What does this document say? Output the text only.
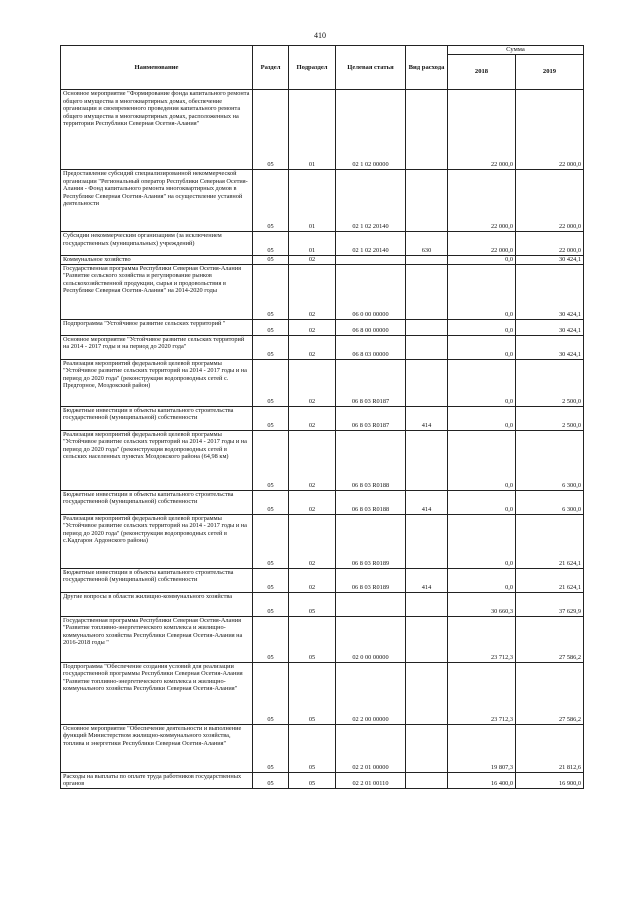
410
Наименование	Раздел	Подраздел	Целевая статья	Вид расхода	Сумма	
					2018	2019
Основное мероприятие "Формирование фонда капитального ремонта общего имущества в многоквартирных домах, обеспечение организации и своевременного проведения капитального ремонта общего имущества в многоквартирных домах, расположенных на территории Республики Северная Осетия-Алания"	05	01	02 1 02 00000		22 000,0	22 000,0
Предоставление субсидий специализированной некоммерческой организации "Региональный оператор Республики Северная Осетия-Алания - Фонд капитального ремонта многоквартирных домов в Республике Северная Осетия-Алания" на осуществление уставной деятельности	05	01	02 1 02 20140		22 000,0	22 000,0
Субсидии некоммерческим организациям (за исключением государственных (муниципальных) учреждений)	05	01	02 1 02 20140	630	22 000,0	22 000,0
Коммунальное хозяйство	05	02			0,0	30 424,1
Государственная программа Республики Северная Осетия-Алания "Развитие сельского хозяйства и регулирование рынков сельскохозяйственной продукции, сырья и продовольствия в Республике Северная Осетия-Алания" на 2014-2020 годы	05	02	06 0 00 00000		0,0	30 424,1
Подпрограмма "Устойчивое развитие сельских территорий "	05	02	06 8 00 00000		0,0	30 424,1
Основное мероприятие "Устойчивое развитие сельских территорий на 2014 - 2017 годы и на период до 2020 года"	05	02	06 8 03 00000		0,0	30 424,1
Реализация мероприятий федеральной целевой программы "Устойчивое развитие сельских территорий на 2014 - 2017 годы и на период до 2020 года" (реконструкция водопроводных сетей с. Предгорное, Моздокский район)	05	02	06 8 03 R0187		0,0	2 500,0
Бюджетные инвестиции в объекты капитального строительства государственной (муниципальной) собственности	05	02	06 8 03 R0187	414	0,0	2 500,0
Реализация мероприятий федеральной целевой программы "Устойчивое развитие сельских территорий на 2014 - 2017 годы и на период до 2020 года" (реконструкция водопроводных сетей в сельских населенных пунктах Моздокского района (64,98 км)	05	02	06 8 03 R0188		0,0	6 300,0
Бюджетные инвестиции в объекты капитального строительства государственной (муниципальной) собственности	05	02	06 8 03 R0188	414	0,0	6 300,0
Реализация мероприятий федеральной целевой программы "Устойчивое развитие сельских территорий на 2014 - 2017 годы и на период до 2020 года" (реконструкция водопроводных сетей в с.Кадгарон Ардонского района)	05	02	06 8 03 R0189		0,0	21 624,1
Бюджетные инвестиции в объекты капитального строительства государственной (муниципальной) собственности	05	02	06 8 03 R0189	414	0,0	21 624,1
Другие вопросы в области жилищно-коммунального хозяйства	05	05			30 660,3	37 629,9
Государственная программа Республики Северная Осетия-Алания "Развитие топливно-энергетического комплекса и жилищно-коммунального хозяйства Республики Северная Осетия-Алания на 2016-2018 годы "	05	05	02 0 00 00000		23 712,3	27 586,2
Подпрограмма "Обеспечение создания условий для реализации государственной программы Республики Северная Осетия-Алания "Развитие топливно-энергетического комплекса и жилищно-коммунального хозяйства Республики Северная Осетия-Алания"	05	05	02 2 00 00000		23 712,3	27 586,2
Основное мероприятие "Обеспечение деятельности и выполнение функций Министерством жилищно-коммунального хозяйства, топлива и энергетики Республики Северная Осетия-Алания"	05	05	02 2 01 00000		19 807,3	21 812,6
Расходы на выплаты по оплате труда работников государственных органов	05	05	02 2 01 00110		16 400,0	16 900,0
